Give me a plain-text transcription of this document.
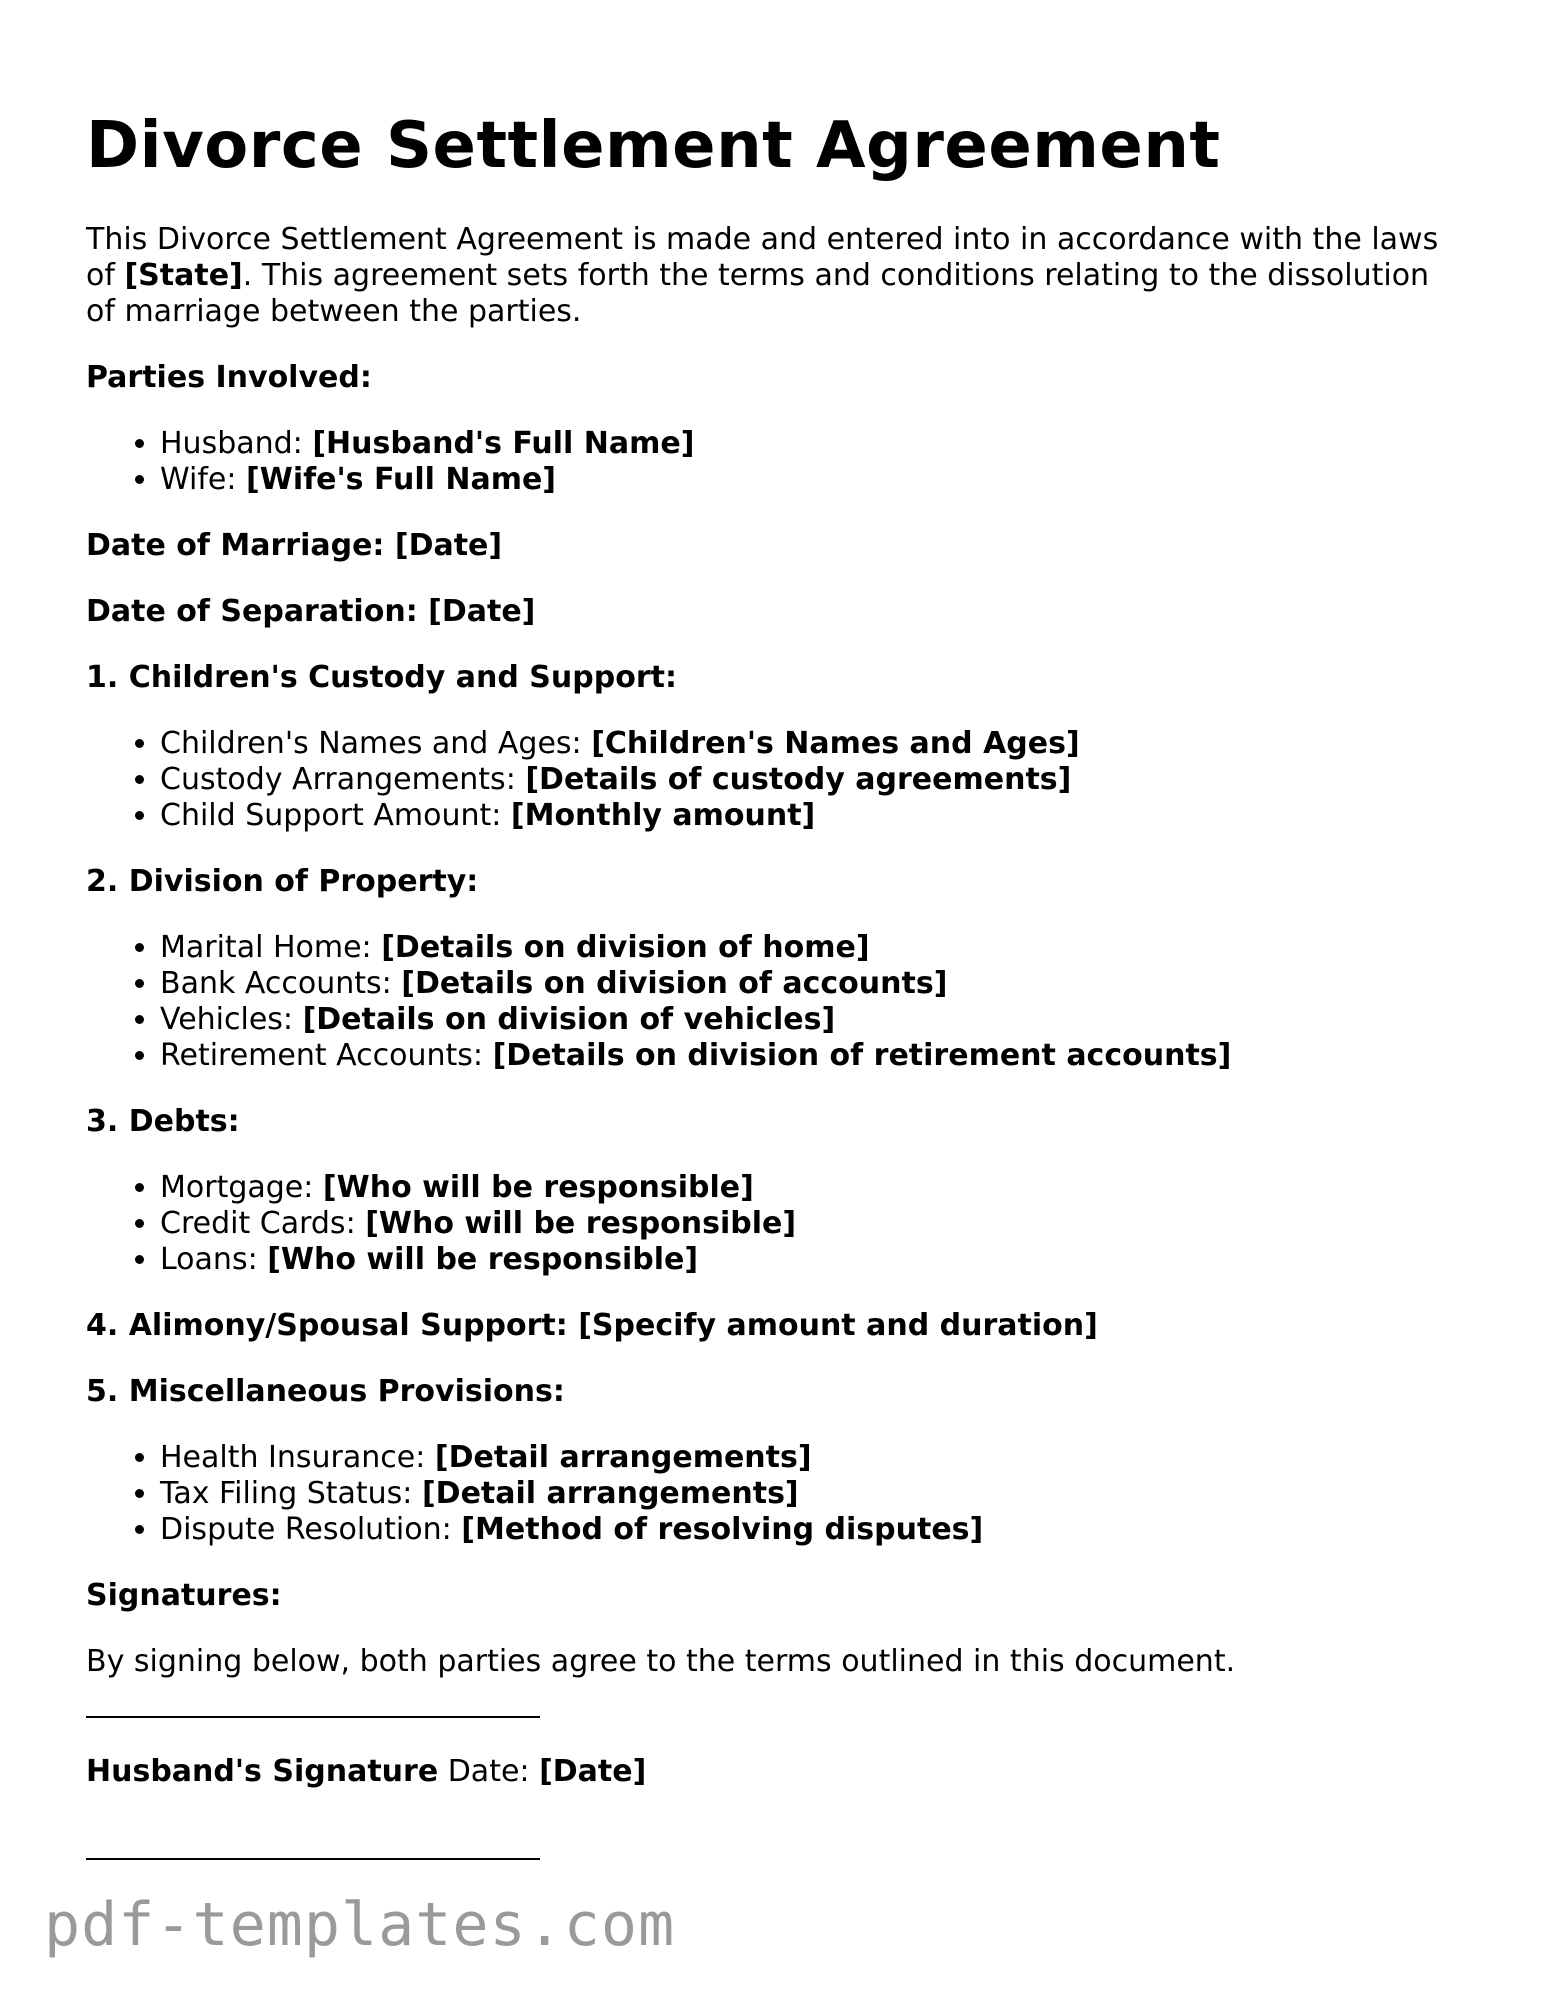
Divorce Settlement Agreement

This Divorce Settlement Agreement is made and entered into in accordance with the laws of [State]. This agreement sets forth the terms and conditions relating to the dissolution of marriage between the parties.

Parties Involved:

• Husband: [Husband's Full Name]
• Wife: [Wife's Full Name]

Date of Marriage: [Date]

Date of Separation: [Date]

1. Children's Custody and Support:

• Children's Names and Ages: [Children's Names and Ages]
• Custody Arrangements: [Details of custody agreements]
• Child Support Amount: [Monthly amount]

2. Division of Property:

• Marital Home: [Details on division of home]
• Bank Accounts: [Details on division of accounts]
• Vehicles: [Details on division of vehicles]
• Retirement Accounts: [Details on division of retirement accounts]

3. Debts:

• Mortgage: [Who will be responsible]
• Credit Cards: [Who will be responsible]
• Loans: [Who will be responsible]

4. Alimony/Spousal Support: [Specify amount and duration]

5. Miscellaneous Provisions:

• Health Insurance: [Detail arrangements]
• Tax Filing Status: [Detail arrangements]
• Dispute Resolution: [Method of resolving disputes]

Signatures:

By signing below, both parties agree to the terms outlined in this document.

Husband's Signature Date: [Date]

pdf-templates.com
